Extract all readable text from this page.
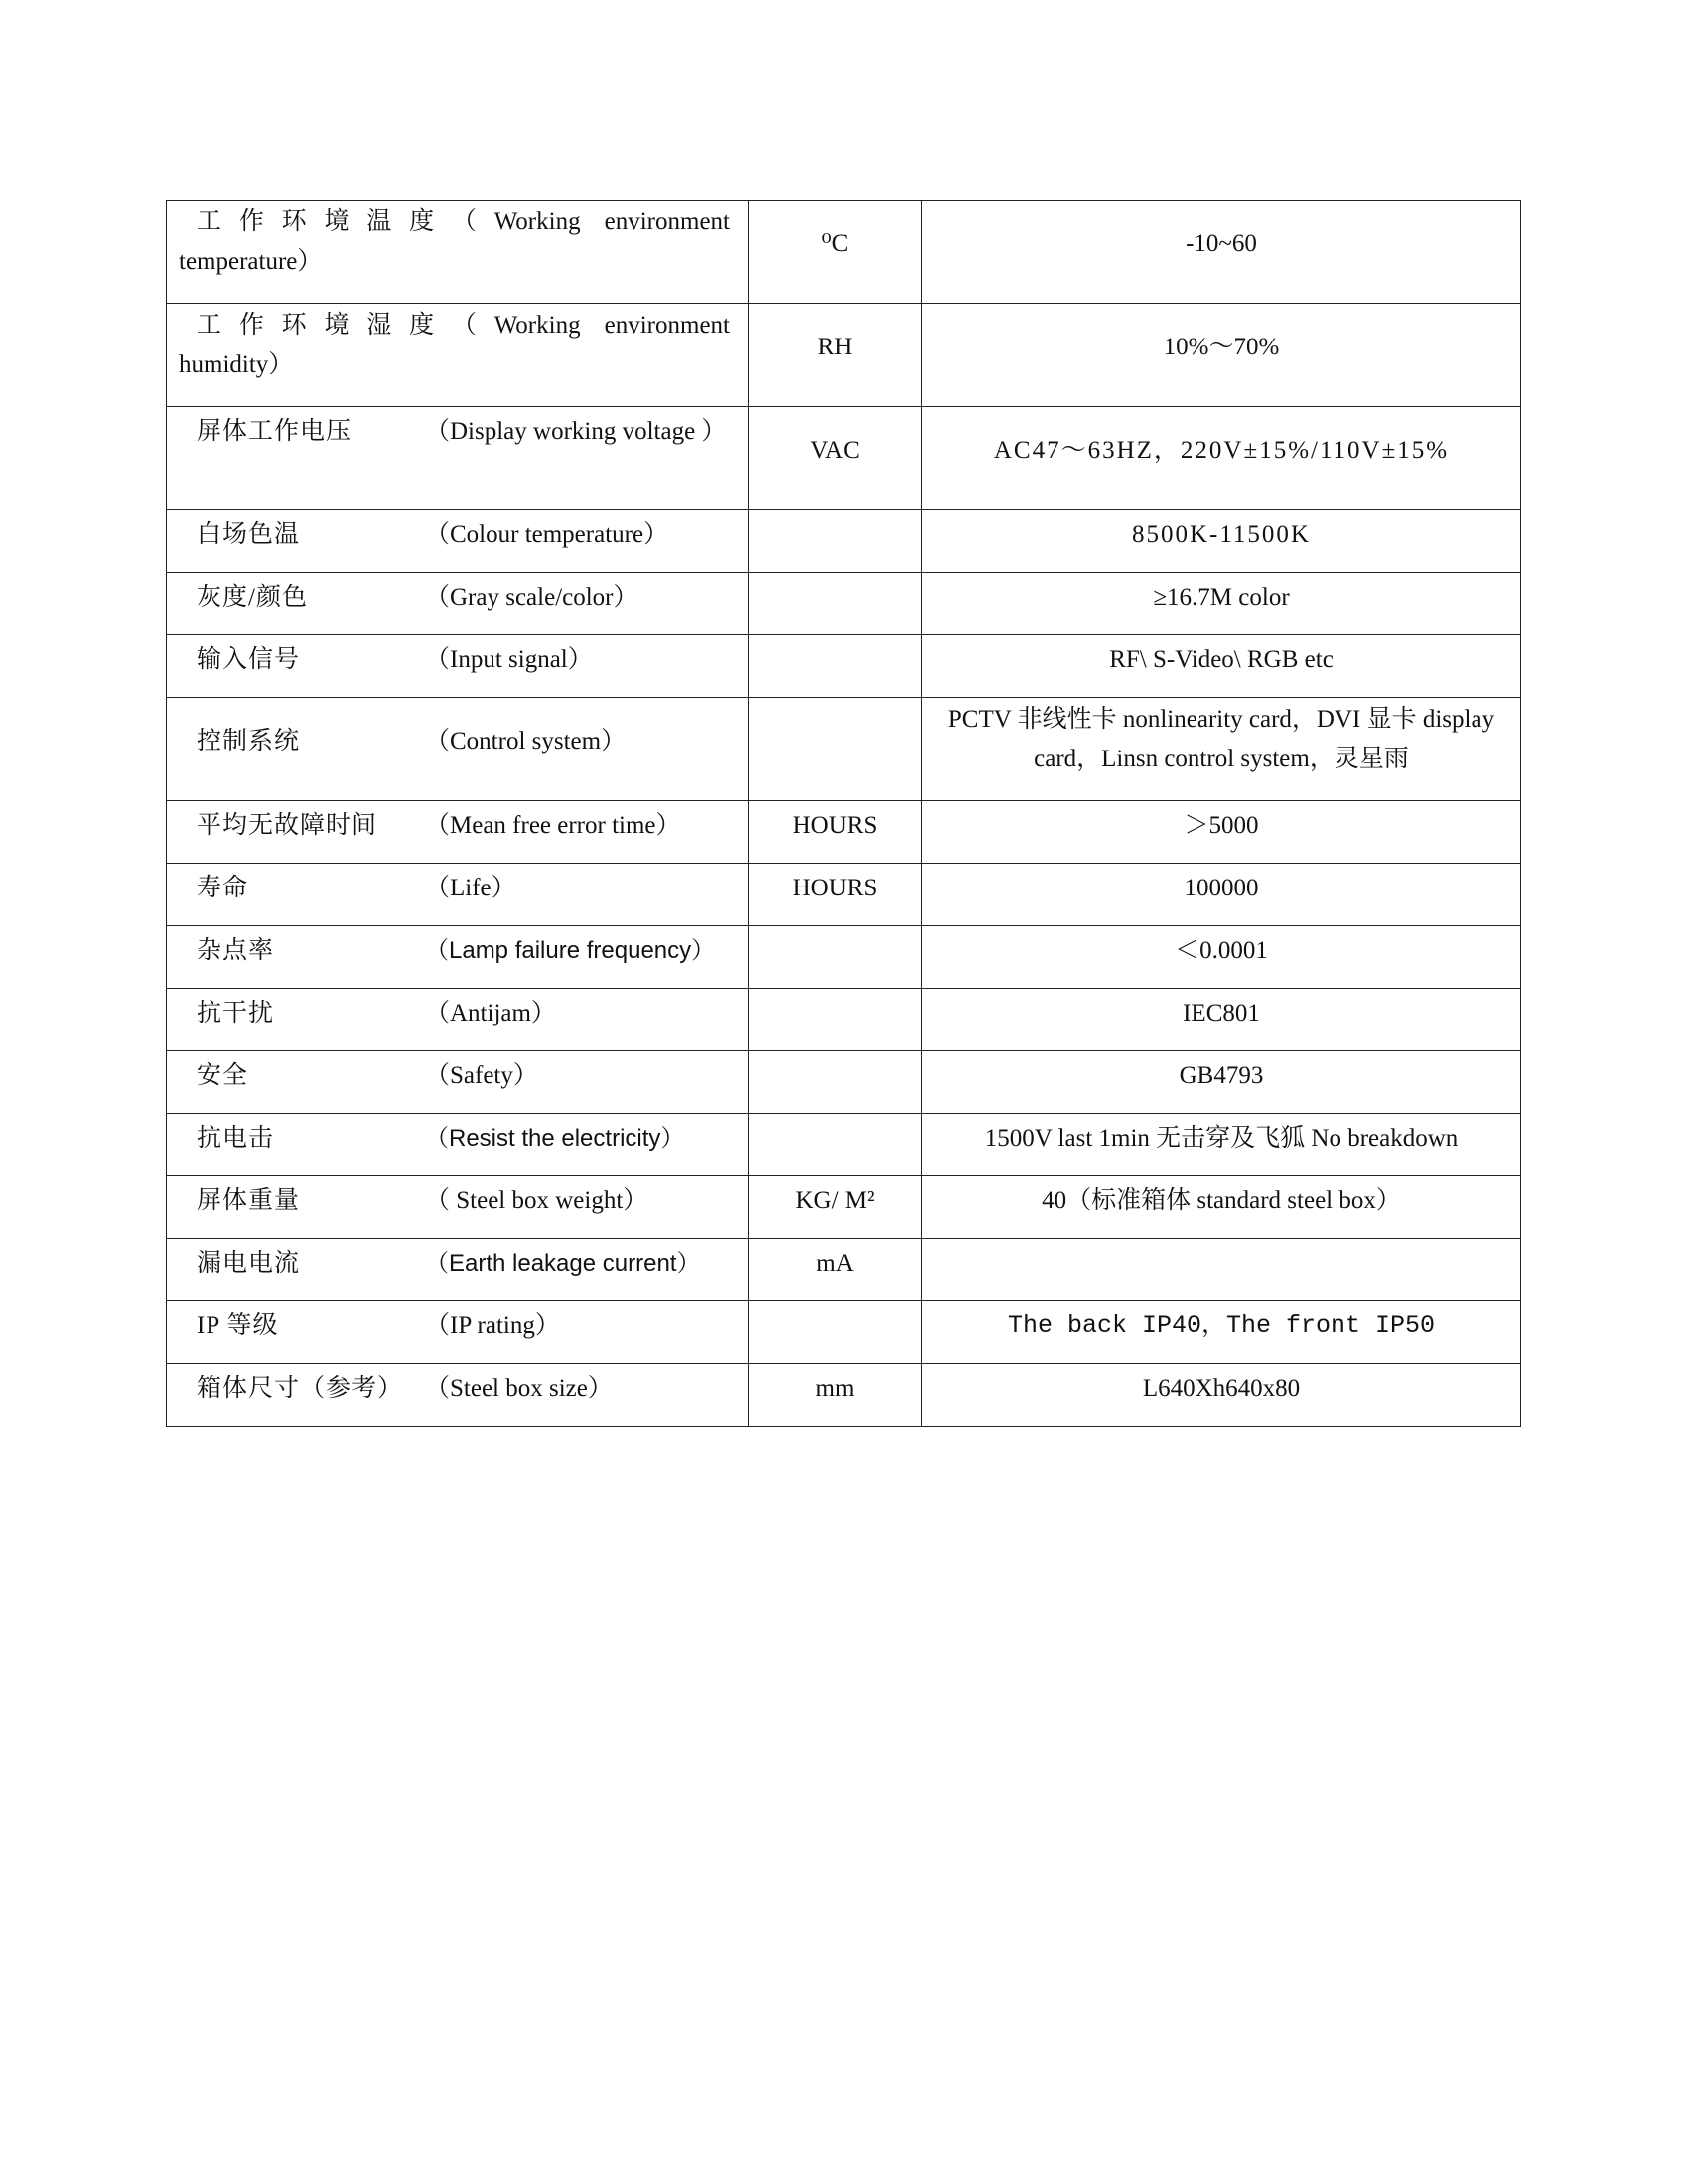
工作环境温度（Working environment
temperature）	⁰C	-10~60

工作环境湿度（Working environment
humidity）	RH	10%～70%

屏体工作电压 （Display working voltage ）	VAC	AC47～63HZ，220V±15%/110V±15%

白场色温 （Colour temperature）		8500K-11500K

灰度/颜色 （Gray scale/color）		≥16.7M color

输入信号 （Input signal）		RF\ S-Video\ RGB etc

控制系统 （Control system）		PCTV 非线性卡 nonlinearity card，DVI 显卡 display card，Linsn control system，灵星雨

平均无故障时间 （Mean free error time）	HOURS	＞5000

寿命 （Life）	HOURS	100000

杂点率 （Lamp failure frequency）		＜0.0001

抗干扰 （Antijam）		IEC801

安全 （Safety）		GB4793

抗电击 （Resist the electricity）		1500V last 1min 无击穿及飞狐 No breakdown

屏体重量 （ Steel box weight）	KG/ M²	40（标准箱体 standard steel box）

漏电电流 （Earth leakage current）	mA	

IP 等级 （IP rating）		The back IP40，The front IP50

箱体尺寸（参考） （Steel box size）	mm	L640Xh640x80
